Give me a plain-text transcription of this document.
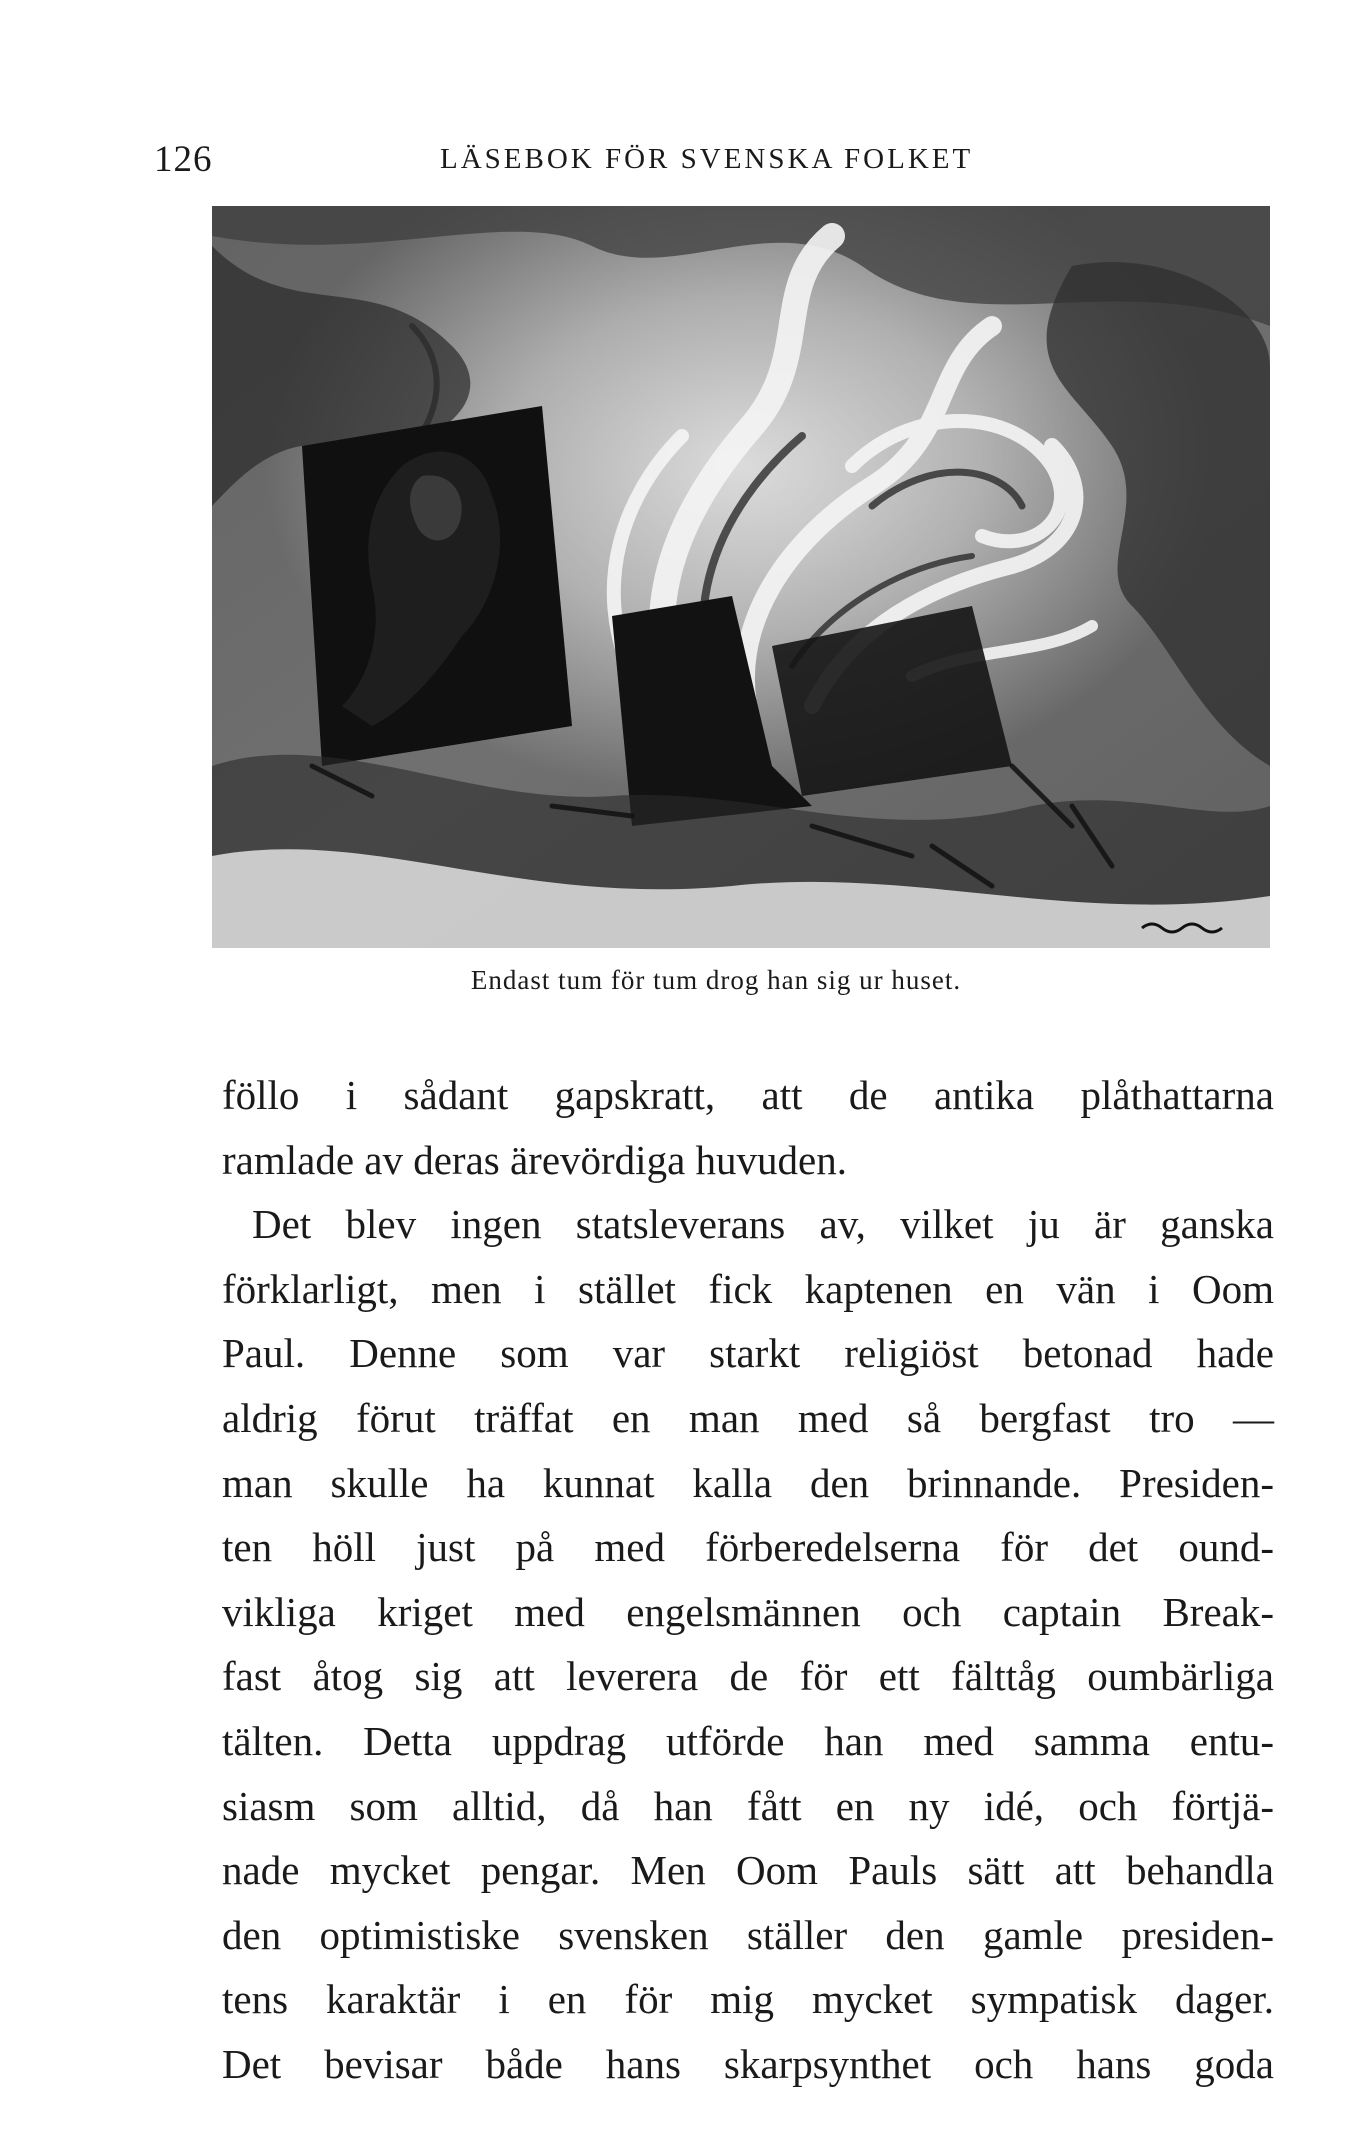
126	LÄSEBOK FÖR SVENSKA FOLKET
Endast tum för tum drog han sig ur huset.
föllo i sådant gapskratt, att de antika plåthattarna
ramlade av deras ärevördiga huvuden.
Det blev ingen statsleverans av, vilket ju är ganska
förklarligt, men i stället fick kaptenen en vän i Oom
Paul. Denne som var starkt religiöst betonad hade
aldrig förut träffat en man med så bergfast tro —
man skulle ha kunnat kalla den brinnande. Presiden-
ten höll just på med förberedelserna för det ound-
vikliga kriget med engelsmännen och captain Break-
fast åtog sig att leverera de för ett fälttåg oumbärliga
tälten. Detta uppdrag utförde han med samma entu-
siasm som alltid, då han fått en ny idé, och förtjä-
nade mycket pengar. Men Oom Pauls sätt att behandla
den optimistiske svensken ställer den gamle presiden-
tens karaktär i en för mig mycket sympatisk dager.
Det bevisar både hans skarpsynthet och hans goda
